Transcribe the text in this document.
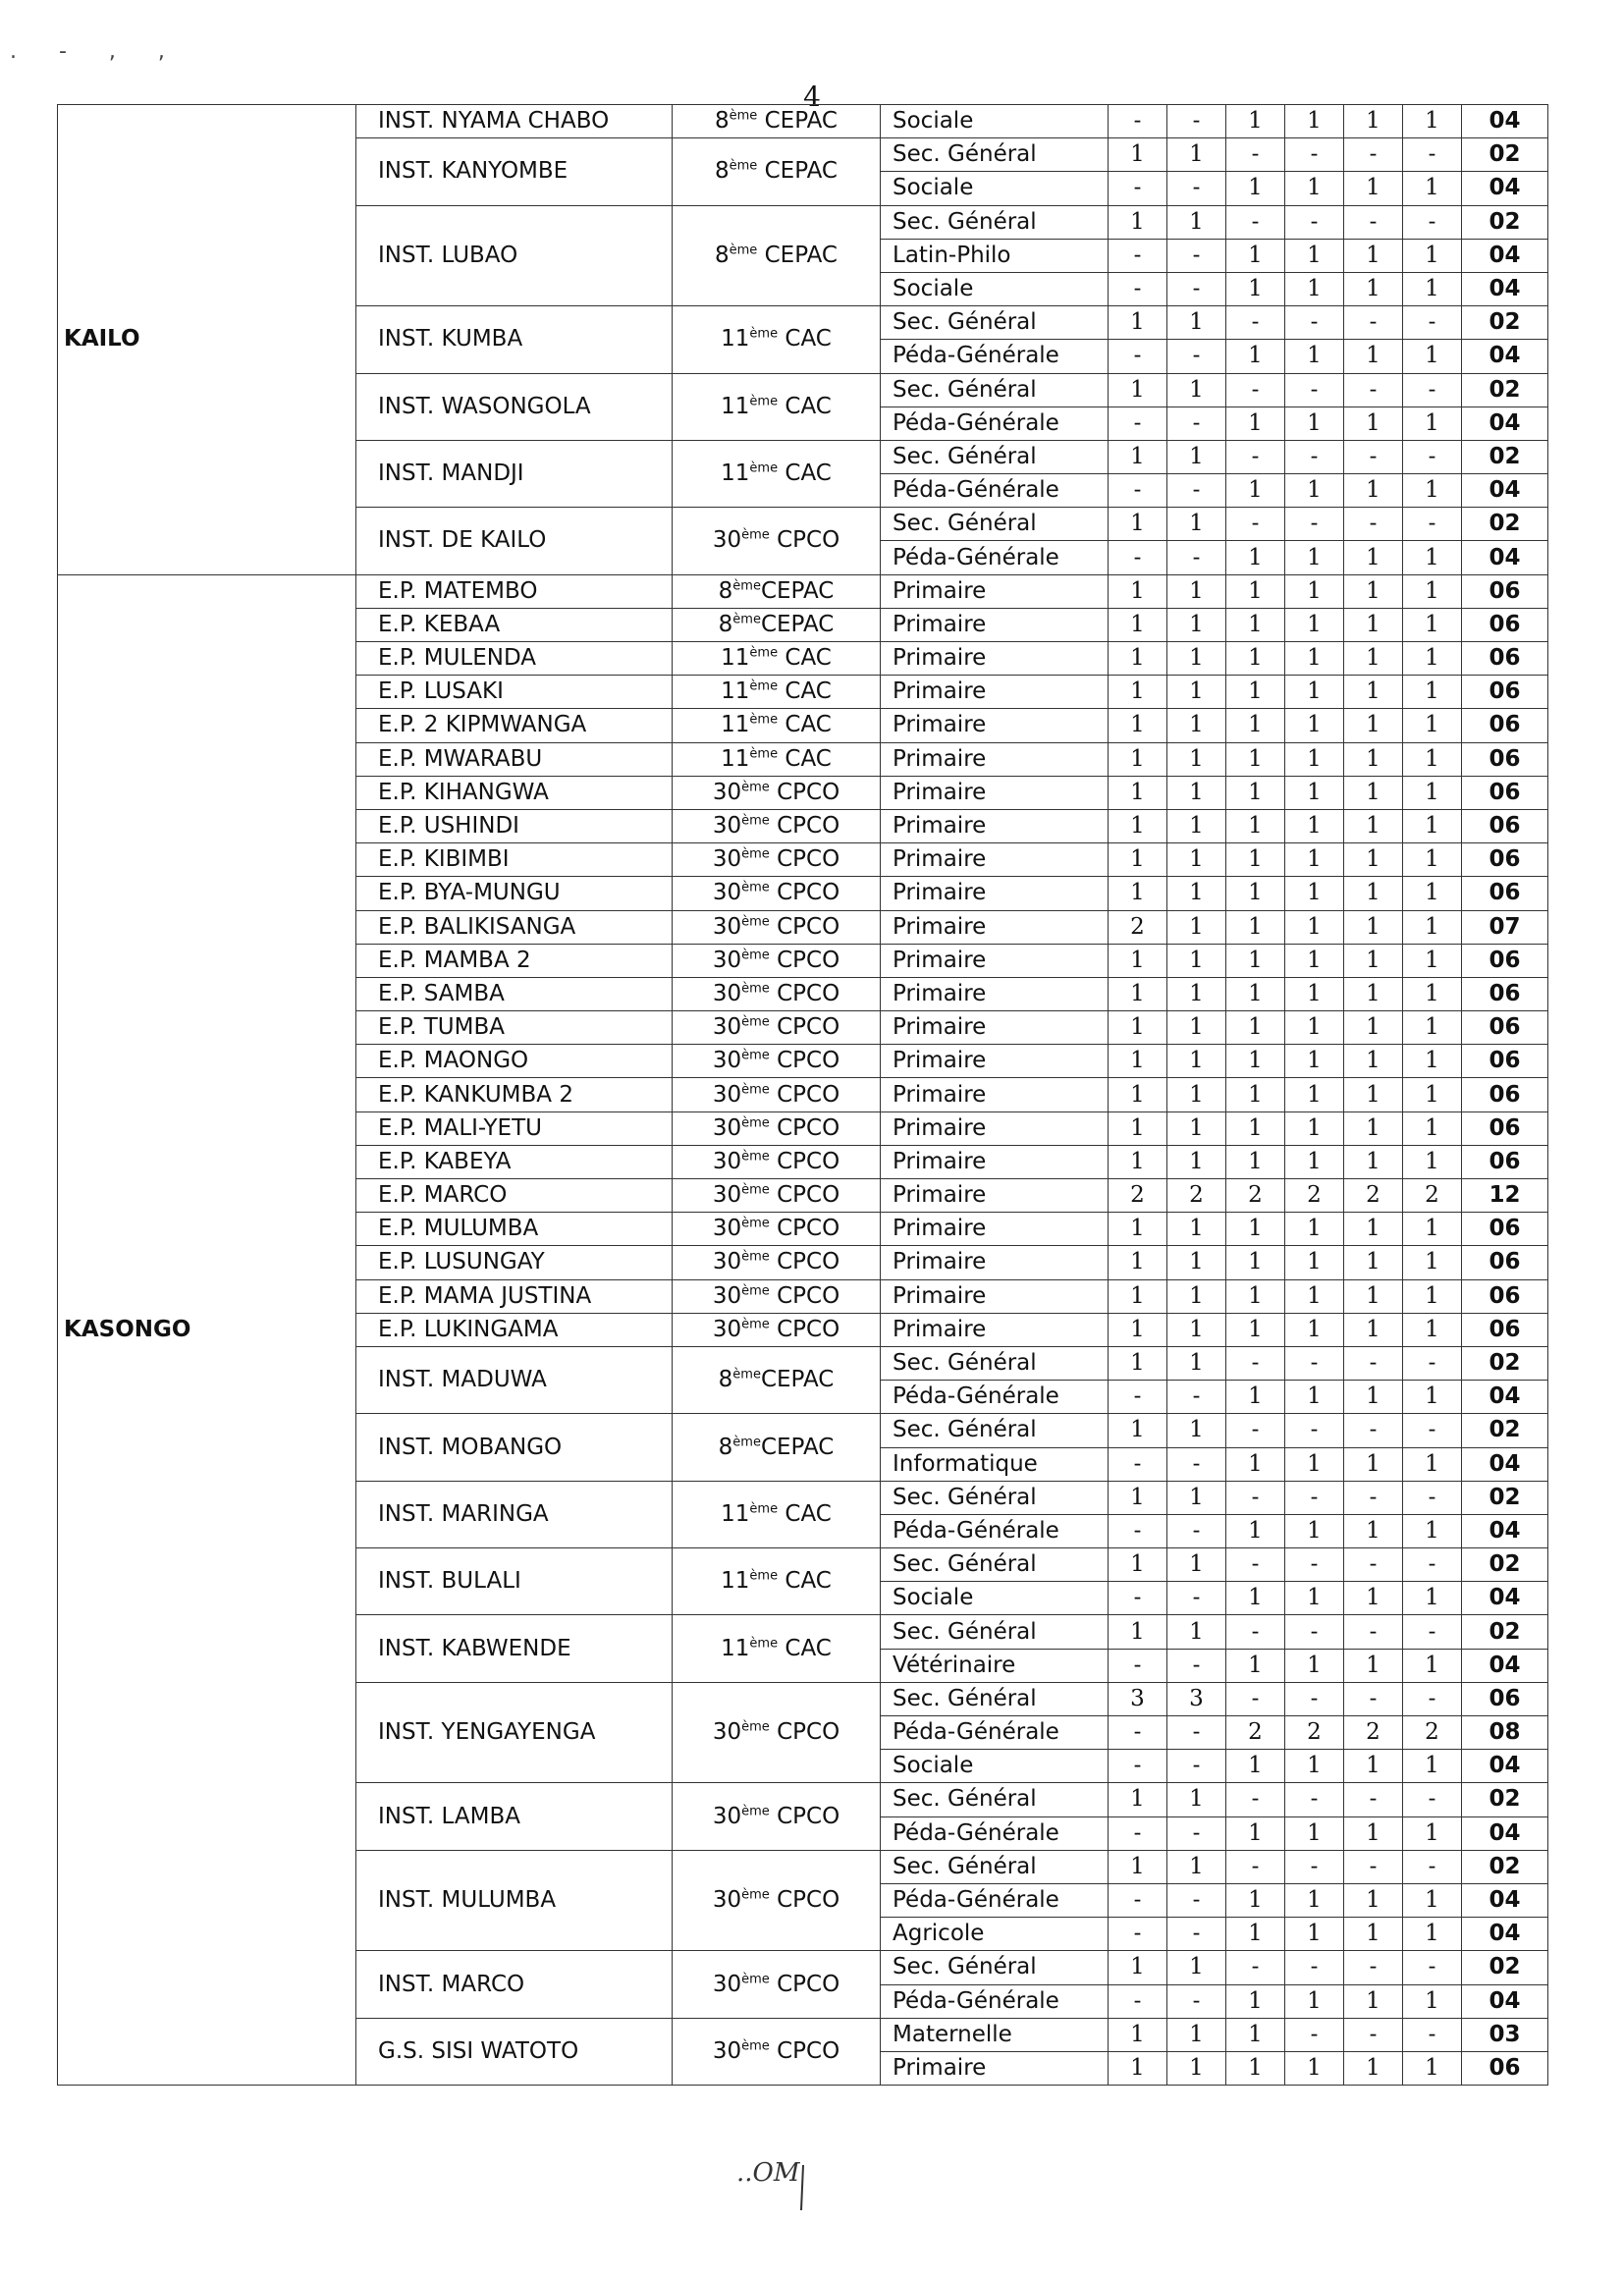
. - , ,
4
KAILO	INST. NYAMA CHABO	8ème CEPAC	Sociale	-	-	1	1	1	1	04
	INST. KANYOMBE	8ème CEPAC	Sec. Général	1	1	-	-	-	-	02
			Sociale	-	-	1	1	1	1	04
	INST. LUBAO	8ème CEPAC	Sec. Général	1	1	-	-	-	-	02
			Latin-Philo	-	-	1	1	1	1	04
			Sociale	-	-	1	1	1	1	04
	INST. KUMBA	11ème CAC	Sec. Général	1	1	-	-	-	-	02
			Péda-Générale	-	-	1	1	1	1	04
	INST. WASONGOLA	11ème CAC	Sec. Général	1	1	-	-	-	-	02
			Péda-Générale	-	-	1	1	1	1	04
	INST. MANDJI	11ème CAC	Sec. Général	1	1	-	-	-	-	02
			Péda-Générale	-	-	1	1	1	1	04
	INST. DE KAILO	30ème CPCO	Sec. Général	1	1	-	-	-	-	02
			Péda-Générale	-	-	1	1	1	1	04
KASONGO	E.P. MATEMBO	8èmeCEPAC	Primaire	1	1	1	1	1	1	06
	E.P. KEBAA	8èmeCEPAC	Primaire	1	1	1	1	1	1	06
	E.P. MULENDA	11ème CAC	Primaire	1	1	1	1	1	1	06
	E.P. LUSAKI	11ème CAC	Primaire	1	1	1	1	1	1	06
	E.P. 2 KIPMWANGA	11ème CAC	Primaire	1	1	1	1	1	1	06
	E.P. MWARABU	11ème CAC	Primaire	1	1	1	1	1	1	06
	E.P. KIHANGWA	30ème CPCO	Primaire	1	1	1	1	1	1	06
	E.P. USHINDI	30ème CPCO	Primaire	1	1	1	1	1	1	06
	E.P. KIBIMBI	30ème CPCO	Primaire	1	1	1	1	1	1	06
	E.P. BYA-MUNGU	30ème CPCO	Primaire	1	1	1	1	1	1	06
	E.P. BALIKISANGA	30ème CPCO	Primaire	2	1	1	1	1	1	07
	E.P. MAMBA 2	30ème CPCO	Primaire	1	1	1	1	1	1	06
	E.P. SAMBA	30ème CPCO	Primaire	1	1	1	1	1	1	06
	E.P. TUMBA	30ème CPCO	Primaire	1	1	1	1	1	1	06
	E.P. MAONGO	30ème CPCO	Primaire	1	1	1	1	1	1	06
	E.P. KANKUMBA 2	30ème CPCO	Primaire	1	1	1	1	1	1	06
	E.P. MALI-YETU	30ème CPCO	Primaire	1	1	1	1	1	1	06
	E.P. KABEYA	30ème CPCO	Primaire	1	1	1	1	1	1	06
	E.P. MARCO	30ème CPCO	Primaire	2	2	2	2	2	2	12
	E.P. MULUMBA	30ème CPCO	Primaire	1	1	1	1	1	1	06
	E.P. LUSUNGAY	30ème CPCO	Primaire	1	1	1	1	1	1	06
	E.P. MAMA JUSTINA	30ème CPCO	Primaire	1	1	1	1	1	1	06
	E.P. LUKINGAMA	30ème CPCO	Primaire	1	1	1	1	1	1	06
	INST. MADUWA	8èmeCEPAC	Sec. Général	1	1	-	-	-	-	02
			Péda-Générale	-	-	1	1	1	1	04
	INST. MOBANGO	8èmeCEPAC	Sec. Général	1	1	-	-	-	-	02
			Informatique	-	-	1	1	1	1	04
	INST. MARINGA	11ème CAC	Sec. Général	1	1	-	-	-	-	02
			Péda-Générale	-	-	1	1	1	1	04
	INST. BULALI	11ème CAC	Sec. Général	1	1	-	-	-	-	02
			Sociale	-	-	1	1	1	1	04
	INST. KABWENDE	11ème CAC	Sec. Général	1	1	-	-	-	-	02
			Vétérinaire	-	-	1	1	1	1	04
	INST. YENGAYENGA	30ème CPCO	Sec. Général	3	3	-	-	-	-	06
			Péda-Générale	-	-	2	2	2	2	08
			Sociale	-	-	1	1	1	1	04
	INST. LAMBA	30ème CPCO	Sec. Général	1	1	-	-	-	-	02
			Péda-Générale	-	-	1	1	1	1	04
	INST. MULUMBA	30ème CPCO	Sec. Général	1	1	-	-	-	-	02
			Péda-Générale	-	-	1	1	1	1	04
			Agricole	-	-	1	1	1	1	04
	INST. MARCO	30ème CPCO	Sec. Général	1	1	-	-	-	-	02
			Péda-Générale	-	-	1	1	1	1	04
	G.S. SISI WATOTO	30ème CPCO	Maternelle	1	1	1	-	-	-	03
			Primaire	1	1	1	1	1	1	06
..OM
